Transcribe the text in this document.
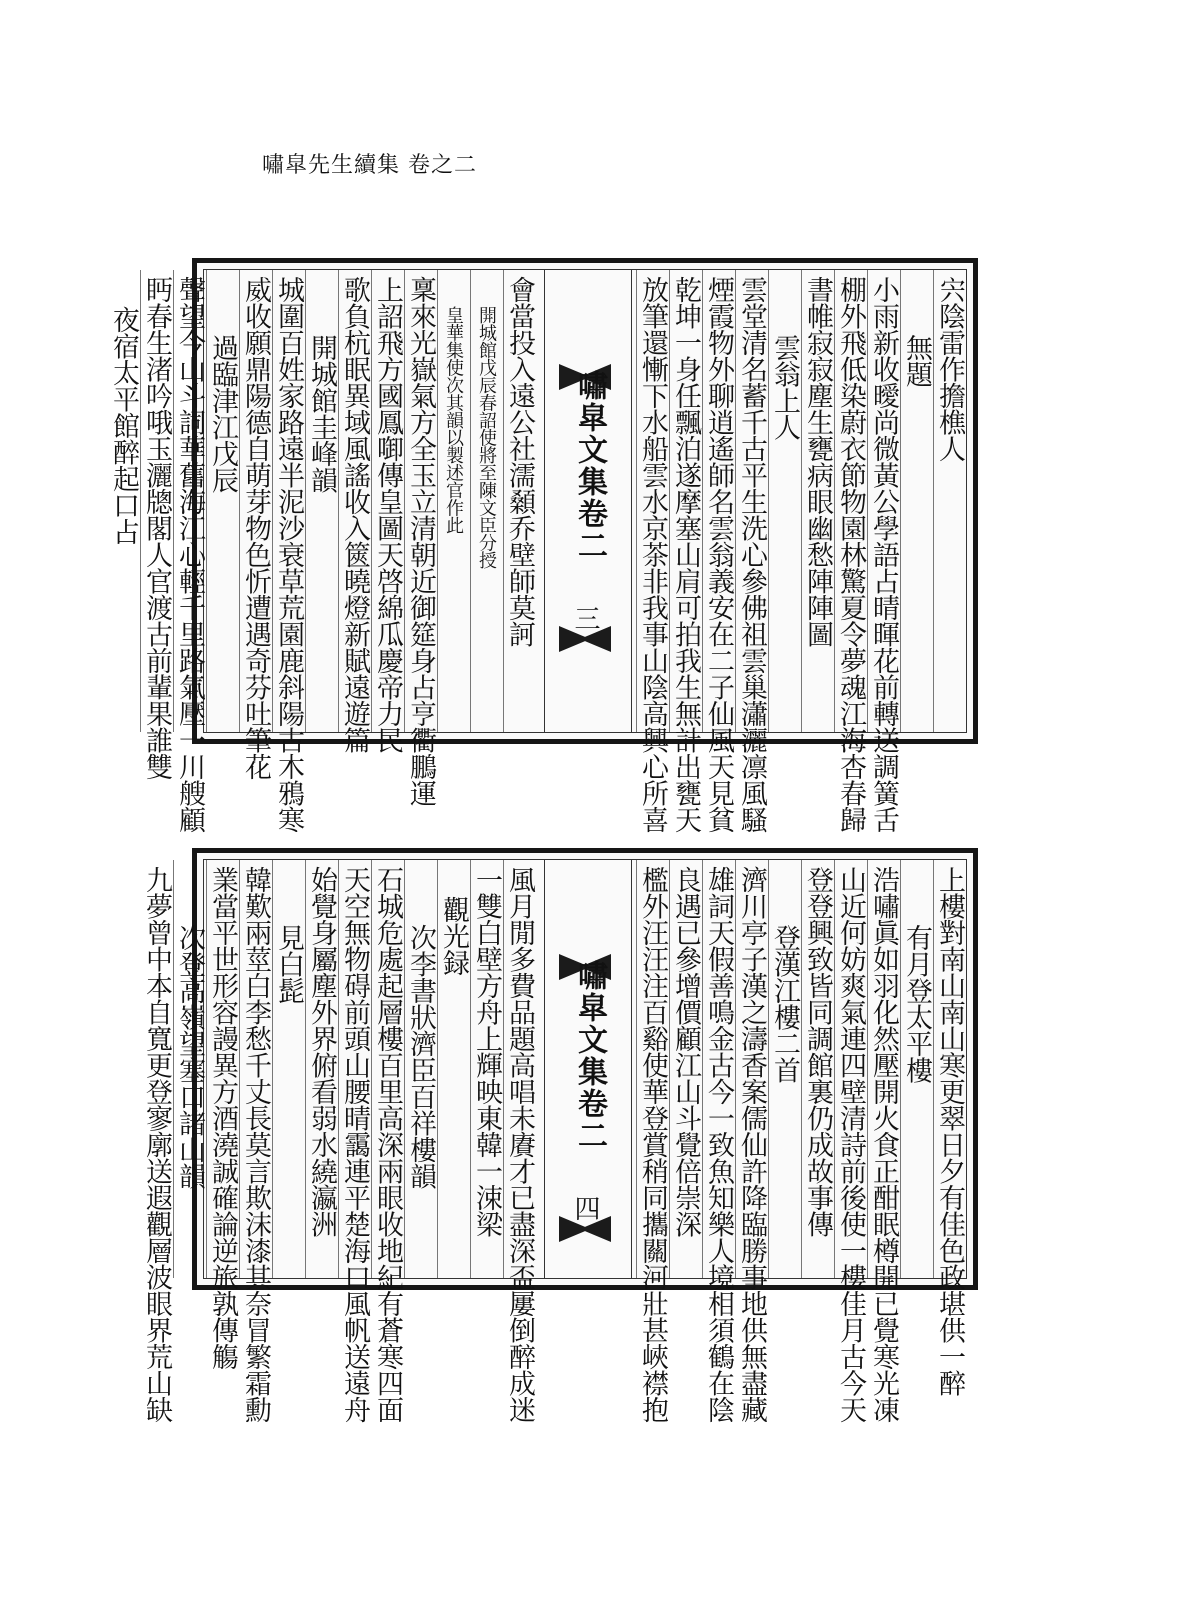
嘯皐先生續集 卷之二
宍陰雷作擔樵人
無題
小雨新收曖尚微黃公學語占晴暉花前轉送調簧舌
棚外飛低染蔚衣節物園林驚夏令夢魂江海杏春歸
書帷寂寂塵生甕病眼幽愁陣陣圖
雲翁上人
雲堂清名蓄千古平生洗心參佛祖雲巢瀟灑凛風騷
煙霞物外聊逍遙師名雲翁義安在二子仙風天見貧
乾坤一身任飄泊遂摩塞山肩可拍我生無計出甕天
放筆還慚下水船雲水京茶非我事山陰高興心所喜
嘯皐文集卷二
三
會當投入遠公社濡顙乔壁師莫訶
開城館戊辰春詔使將至陳文臣分授
皇華集使次其韻以製述官作此
稟來光嶽氣方全玉立清朝近御筵身占亨衢鵬運
上詔飛方國鳳啣傳皇圖天啓綿瓜慶帝力民
歌負杭眠異域風謠收入篋曉燈新賦遠遊篇
開城館圭峰韻
城圍百姓家路遠半泥沙衰草荒園鹿斜陽古木鴉寒
威收願鼎陽德自萌芽物色忻遭遇奇芬吐筆花
過臨津江戊辰
聲望今山斗詞華舊海江心輕千里路氣壓一川艘顧
眄春生渚吟哦玉灑牕閣人官渡古前輩果誰雙
夜宿太平館醉起口占
上樓對南山南山寒更翠日夕有佳色政堪供一醉
有月登太平樓
浩嘯眞如羽化然壓開火食正酣眠樽開已覺寒光凍
山近何妨爽氣連四壁清詩前後使一樓佳月古今天
登登興致皆同調館裏仍成故事傳
登漢江樓二首
濟川亭子漢之濤香案儒仙許降臨勝事地供無盡藏
雄詞天假善鳴金古今一致魚知樂人境相須鶴在陰
良遇已參增價顧江山斗覺倍崇深
檻外汪汪注百谿使華登賞稍同攜關河壯甚峽襟抱
嘯皐文集卷二
四
風月閒多費品題高唱未賡才已盡深盃屢倒醉成迷
一雙白壁方舟上輝映東韓一涑梁
觀光録
次李書狀濟臣百祥樓韻
石城危處起層樓百里高深兩眼收地紀有蒼寒四面
天空無物碍前頭山腰晴靄連平楚海口風帆送遠舟
始覺身屬塵外界俯看弱水繞瀛洲
見白髭
韓歎兩莖白李愁千丈長莫言欺沫漆其奈冒繁霜勳
業當平世形容謾異方酒澆誠確論逆旅孰傳觴
次登高嶺望塞口諸山韻
九夢曾中本自寬更登寥廓送遐觀層波眼界荒山缺
